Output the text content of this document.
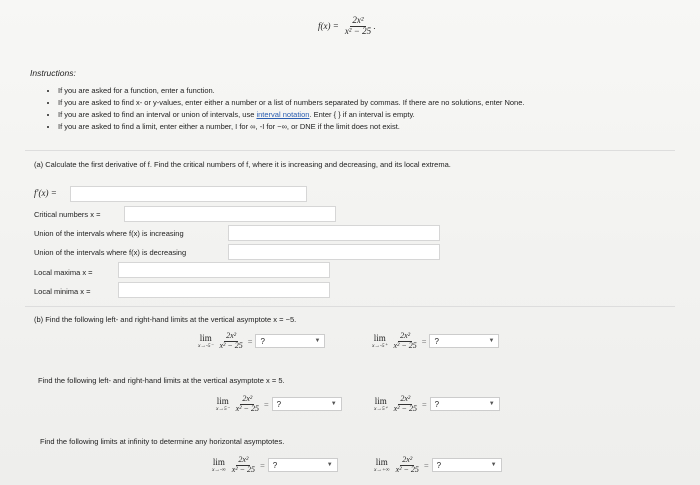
$f(x) = \frac{\text{2x²}}{\text{x² − 25}}$ .
Instructions:
• If you are asked for a function, enter a function.
• If you are asked to find x- or y-values, enter either a number or a list of numbers separated by commas. If there are no solutions, enter None.
• If you are asked to find an interval or union of intervals, use interval notation. Enter { } if an interval is empty.
• If you are asked to find a limit, enter either a number, I for ∞, -I for −∞, or DNE if the limit does not exist.
(a) Calculate the first derivative of f. Find the critical numbers of f, where it is increasing and decreasing, and its local extrema.
f′(x) =
Critical numbers x =
Union of the intervals where f(x) is increasing
Union of the intervals where f(x) is decreasing
Local maxima x =
Local minima x =
(b) Find the following left- and right-hand limits at the vertical asymptote x = −5.
lim
$x\to-5^- \frac{\text{2x²}}{\text{x² − 25}}$ = ?	▼	lim
$x\to-5^+ \frac{\text{2x²}}{\text{x² − 25}}$ = ?	▼
Find the following left- and right-hand limits at the vertical asymptote x = 5.
lim
$x\to 5^- \frac{\text{2x²}}{\text{x² − 25}}$ = ?	▼	lim
$x\to 5^+ \frac{\text{2x²}}{\text{x² − 25}}$ = ?	▼
Find the following limits at infinity to determine any horizontal asymptotes.
lim
$x\to-\infty \frac{\text{2x²}}{\text{x² − 25}}$ = ?	▼	lim
$x\to+\infty \frac{\text{2x²}}{\text{x² − 25}}$ = ?	▼
